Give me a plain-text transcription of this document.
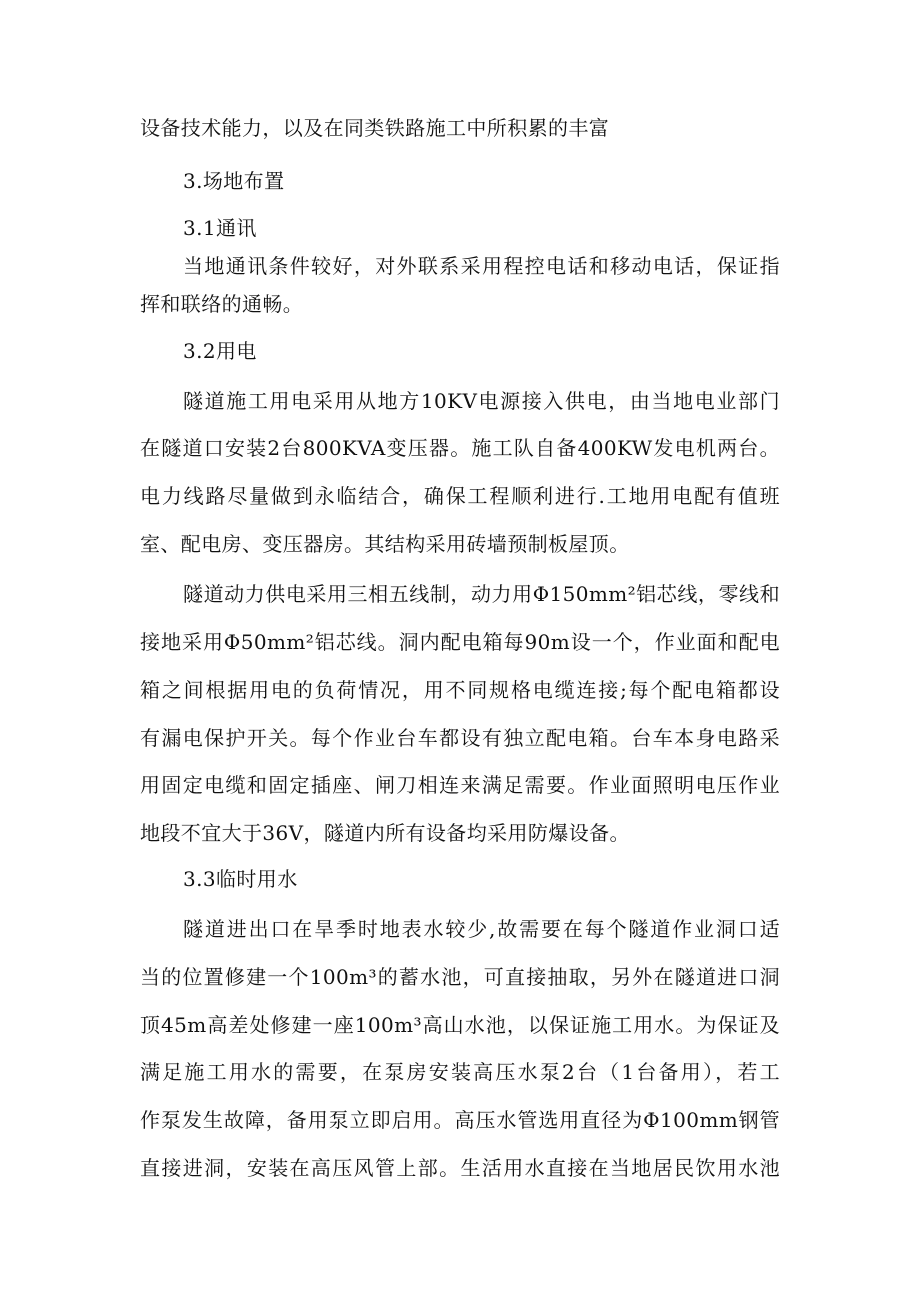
设备技术能力，以及在同类铁路施工中所积累的丰富
3.场地布置
3.1通讯
当地通讯条件较好，对外联系采用程控电话和移动电话，保证指
挥和联络的通畅。
3.2用电
隧道施工用电采用从地方10KV电源接入供电，由当地电业部门
在隧道口安装2台800KVA变压器。施工队自备400KW发电机两台。
电力线路尽量做到永临结合，确保工程顺利进行.工地用电配有值班
室、配电房、变压器房。其结构采用砖墙预制板屋顶。
隧道动力供电采用三相五线制，动力用Φ150mm²铝芯线，零线和
接地采用Φ50mm²铝芯线。洞内配电箱每90m设一个，作业面和配电
箱之间根据用电的负荷情况，用不同规格电缆连接;每个配电箱都设
有漏电保护开关。每个作业台车都设有独立配电箱。台车本身电路采
用固定电缆和固定插座、闸刀相连来满足需要。作业面照明电压作业
地段不宜大于36V，隧道内所有设备均采用防爆设备。
3.3临时用水
隧道进出口在旱季时地表水较少,故需要在每个隧道作业洞口适
当的位置修建一个100m³的蓄水池，可直接抽取，另外在隧道进口洞
顶45m高差处修建一座100m³高山水池，以保证施工用水。为保证及
满足施工用水的需要，在泵房安装高压水泵2台（1台备用），若工
作泵发生故障，备用泵立即启用。高压水管选用直径为Φ100mm钢管
直接进洞，安装在高压风管上部。生活用水直接在当地居民饮用水池
